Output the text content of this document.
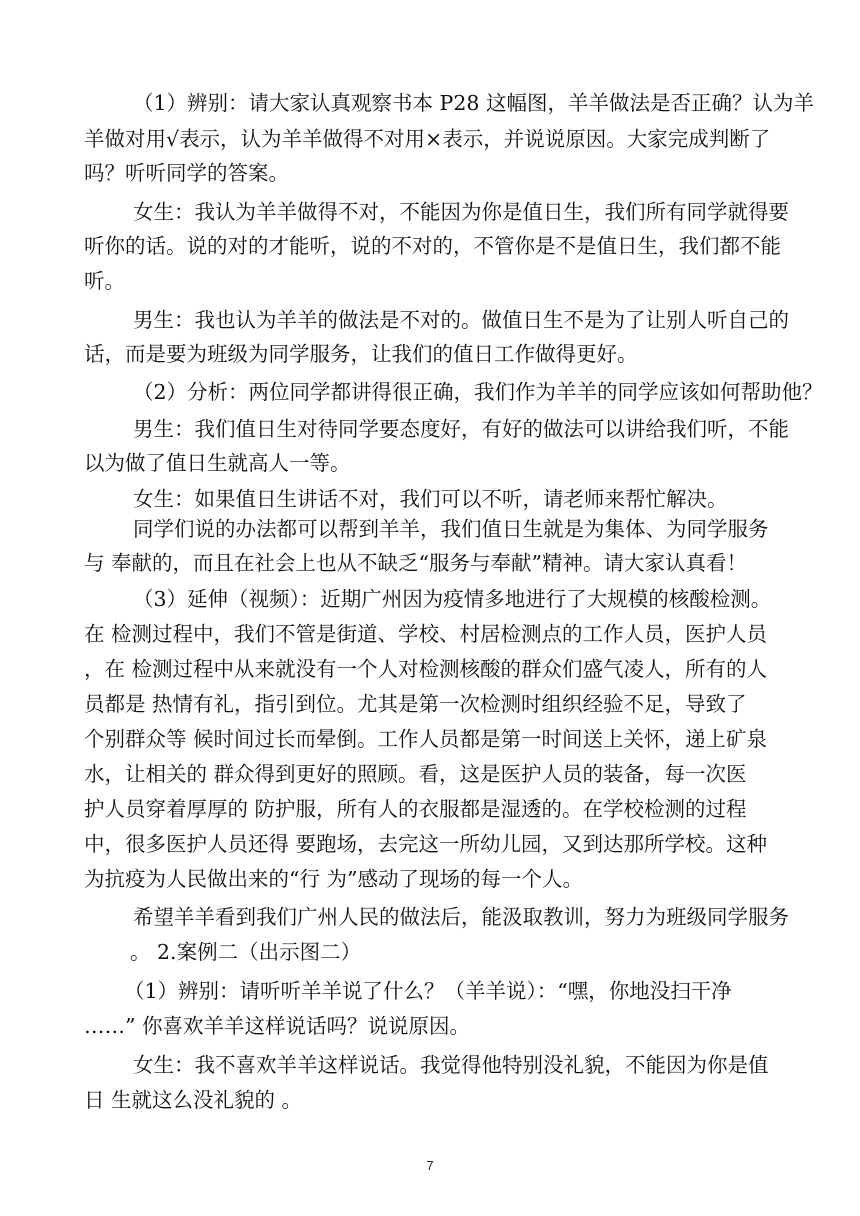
（1）辨别：请大家认真观察书本 P28 这幅图，羊羊做法是否正确？认为羊
羊做对用√表示，认为羊羊做得不对用×表示，并说说原因。大家完成判断了
吗？听听同学的答案。
女生：我认为羊羊做得不对，不能因为你是值日生，我们所有同学就得要
听你的话。说的对的才能听，说的不对的，不管你是不是值日生，我们都不能
听。
男生：我也认为羊羊的做法是不对的。做值日生不是为了让别人听自己的
话，而是要为班级为同学服务，让我们的值日工作做得更好。
（2）分析：两位同学都讲得很正确，我们作为羊羊的同学应该如何帮助他？
男生：我们值日生对待同学要态度好，有好的做法可以讲给我们听，不能
以为做了值日生就高人一等。
女生：如果值日生讲话不对，我们可以不听，请老师来帮忙解决。
同学们说的办法都可以帮到羊羊，我们值日生就是为集体、为同学服务
与 奉献的，而且在社会上也从不缺乏“服务与奉献”精神。请大家认真看！
（3）延伸（视频）：近期广州因为疫情多地进行了大规模的核酸检测。
在 检测过程中，我们不管是街道、学校、村居检测点的工作人员，医护人员
，在 检测过程中从来就没有一个人对检测核酸的群众们盛气凌人，所有的人
员都是 热情有礼，指引到位。尤其是第一次检测时组织经验不足，导致了
个别群众等 候时间过长而晕倒。工作人员都是第一时间送上关怀，递上矿泉
水，让相关的 群众得到更好的照顾。看，这是医护人员的装备，每一次医
护人员穿着厚厚的 防护服，所有人的衣服都是湿透的。在学校检测的过程
中，很多医护人员还得 要跑场，去完这一所幼儿园，又到达那所学校。这种
为抗疫为人民做出来的“行 为”感动了现场的每一个人。
希望羊羊看到我们广州人民的做法后，能汲取教训，努力为班级同学服务
。 2.案例二（出示图二）
（1）辨别：请听听羊羊说了什么？（羊羊说）：“嘿，你地没扫干净
……” 你喜欢羊羊这样说话吗？说说原因。
女生：我不喜欢羊羊这样说话。我觉得他特别没礼貌，不能因为你是值
日 生就这么没礼貌的 。
7
